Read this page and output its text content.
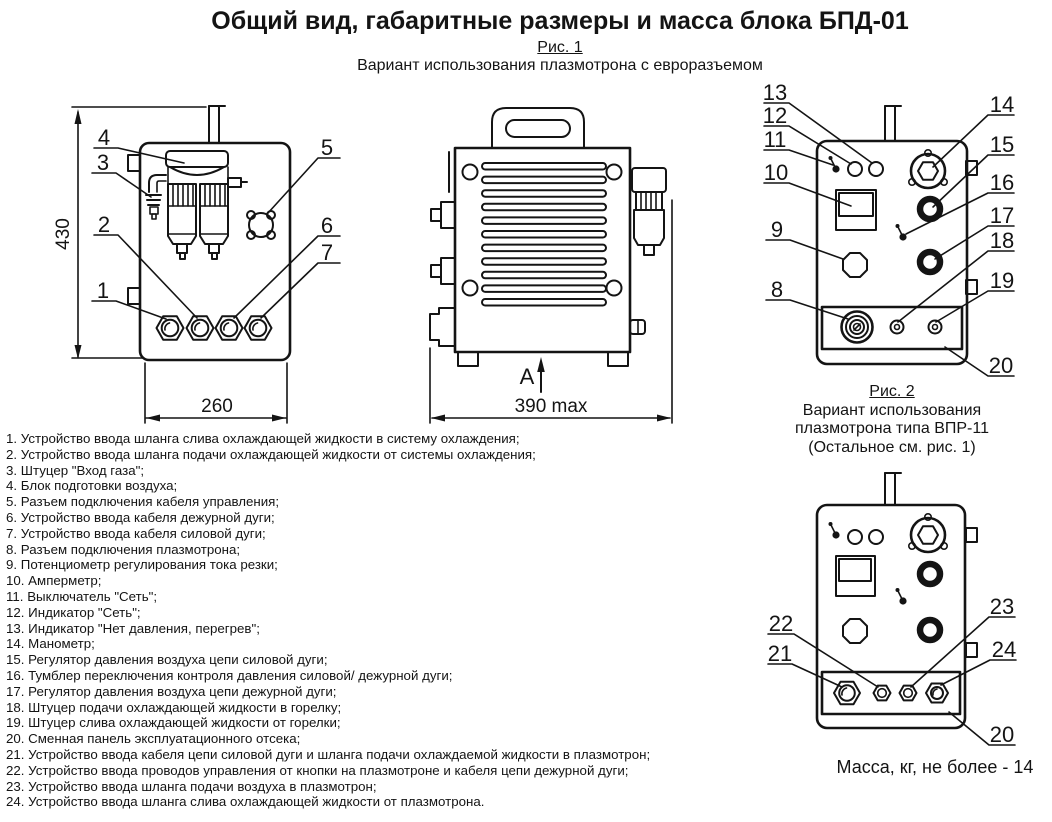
430
260
1
2
3
4	5
6
7
А
390 max
13
12
11
10
9
8
14
15
16
17
18
19
20
22
21
23
24
20
Общий вид, габаритные размеры и масса блока БПД-01
Рис. 1
Вариант использования плазмотрона с евроразъемом
1. Устройство ввода шланга слива охлаждающей жидкости в систему охлаждения;
2. Устройство ввода шланга подачи охлаждающей жидкости от системы охлаждения;
3. Штуцер "Вход газа";
4. Блок подготовки воздуха;
5. Разъем подключения кабеля управления;
6. Устройство ввода кабеля дежурной дуги;
7. Устройство ввода кабеля силовой дуги;
8. Разъем подключения плазмотрона;
9. Потенциометр регулирования тока резки;
10. Амперметр;
11. Выключатель "Сеть";
12. Индикатор "Сеть";
13. Индикатор "Нет давления, перегрев";
14. Манометр;
15. Регулятор давления воздуха цепи силовой дуги;
16. Тумблер переключения контроля давления силовой/ дежурной дуги;
17. Регулятор давления воздуха цепи дежурной дуги;
18. Штуцер подачи охлаждающей жидкости в горелку;
19. Штуцер слива охлаждающей жидкости от горелки;
20. Сменная панель эксплуатационного отсека;
21. Устройство ввода кабеля цепи силовой дуги и шланга подачи охлаждаемой жидкости в плазмотрон;
22. Устройство ввода проводов управления от кнопки на плазмотроне и кабеля цепи дежурной дуги;
23. Устройство ввода шланга подачи воздуха в плазмотрон;
24. Устройство ввода шланга слива охлаждающей жидкости от плазмотрона.
Рис. 2
Вариант использования
плазмотрона типа ВПР-11
(Остальное см. рис. 1)
Масса, кг, не более - 14
